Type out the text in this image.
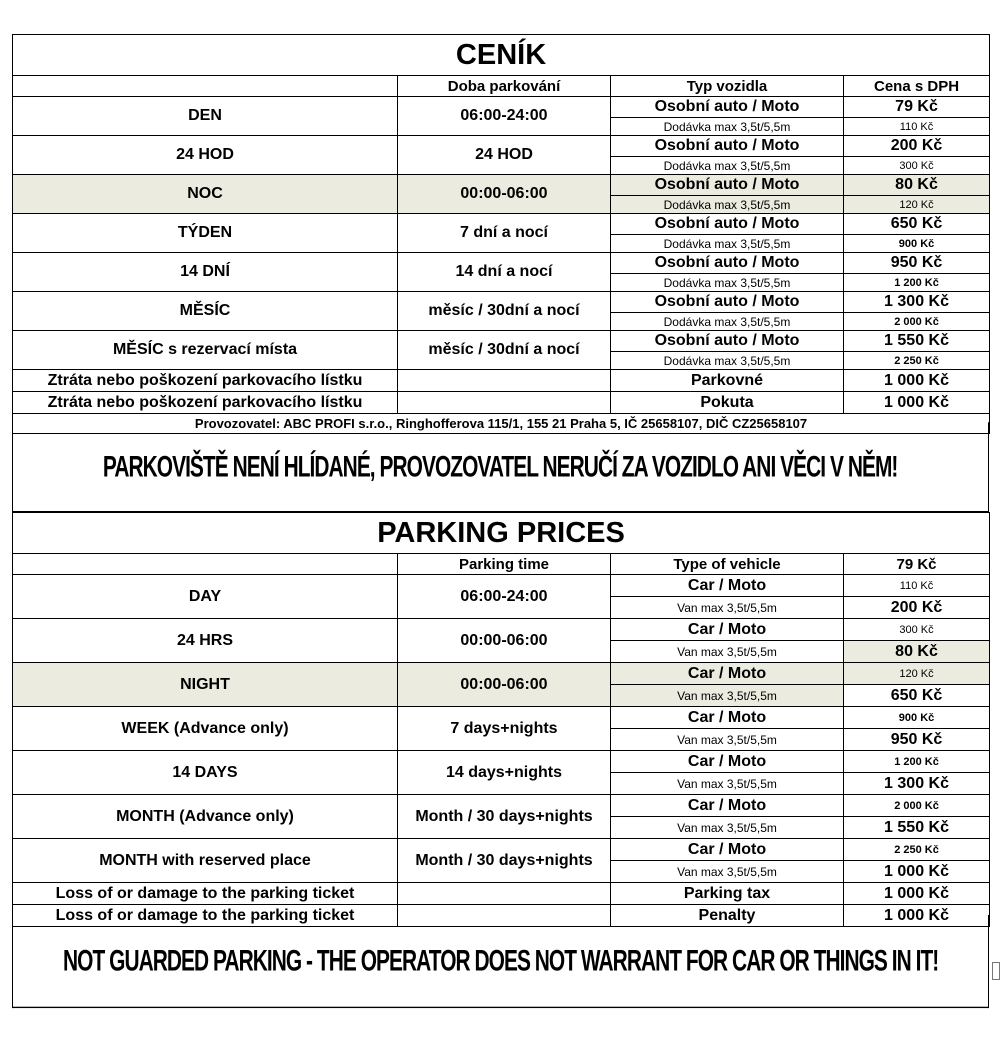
CENÍK			
	Doba parkování	Typ vozidla	Cena s DPH
DEN	06:00-24:00	Osobní auto / Moto	79 Kč
		Dodávka max 3,5t/5,5m	110 Kč
24 HOD	24 HOD	Osobní auto / Moto	200 Kč
		Dodávka max 3,5t/5,5m	300 Kč
NOC	00:00-06:00	Osobní auto / Moto	80 Kč
		Dodávka max 3,5t/5,5m	120 Kč
TÝDEN	7 dní a nocí	Osobní auto / Moto	650 Kč
		Dodávka max 3,5t/5,5m	900 Kč
14 DNÍ	14 dní a nocí	Osobní auto / Moto	950 Kč
		Dodávka max 3,5t/5,5m	1 200 Kč
MĚSÍC	měsíc / 30dní a nocí	Osobní auto / Moto	1 300 Kč
		Dodávka max 3,5t/5,5m	2 000 Kč
MĚSÍC s rezervací místa	měsíc / 30dní a nocí	Osobní auto / Moto	1 550 Kč
		Dodávka max 3,5t/5,5m	2 250 Kč
Ztráta nebo poškození parkovacího lístku		Parkovné	1 000 Kč
Ztráta nebo poškození parkovacího lístku		Pokuta	1 000 Kč
Provozovatel: ABC PROFI s.r.o., Ringhofferova 115/1, 155 21 Praha 5, IČ 25658107, DIČ CZ25658107			
PARKOVIŠTĚ NENÍ HLÍDANÉ, PROVOZOVATEL NERUČÍ ZA VOZIDLO ANI VĚCI V NĚM!
PARKING PRICES			
	Parking time	Type of vehicle	79 Kč
DAY	06:00-24:00	Car / Moto	110 Kč
		Van max 3,5t/5,5m	200 Kč
24 HRS	00:00-06:00	Car / Moto	300 Kč
		Van max 3,5t/5,5m	80 Kč
NIGHT	00:00-06:00	Car / Moto	120 Kč
		Van max 3,5t/5,5m	650 Kč
WEEK (Advance only)	7 days+nights	Car / Moto	900 Kč
		Van max 3,5t/5,5m	950 Kč
14 DAYS	14 days+nights	Car / Moto	1 200 Kč
		Van max 3,5t/5,5m	1 300 Kč
MONTH (Advance only)	Month / 30 days+nights	Car / Moto	2 000 Kč
		Van max 3,5t/5,5m	1 550 Kč
MONTH with reserved place	Month / 30 days+nights	Car / Moto	2 250 Kč
		Van max 3,5t/5,5m	1 000 Kč
Loss of or damage to the parking ticket		Parking tax	1 000 Kč
Loss of or damage to the parking ticket		Penalty	1 000 Kč
NOT GUARDED PARKING - THE OPERATOR DOES NOT WARRANT FOR CAR OR THINGS IN IT!
